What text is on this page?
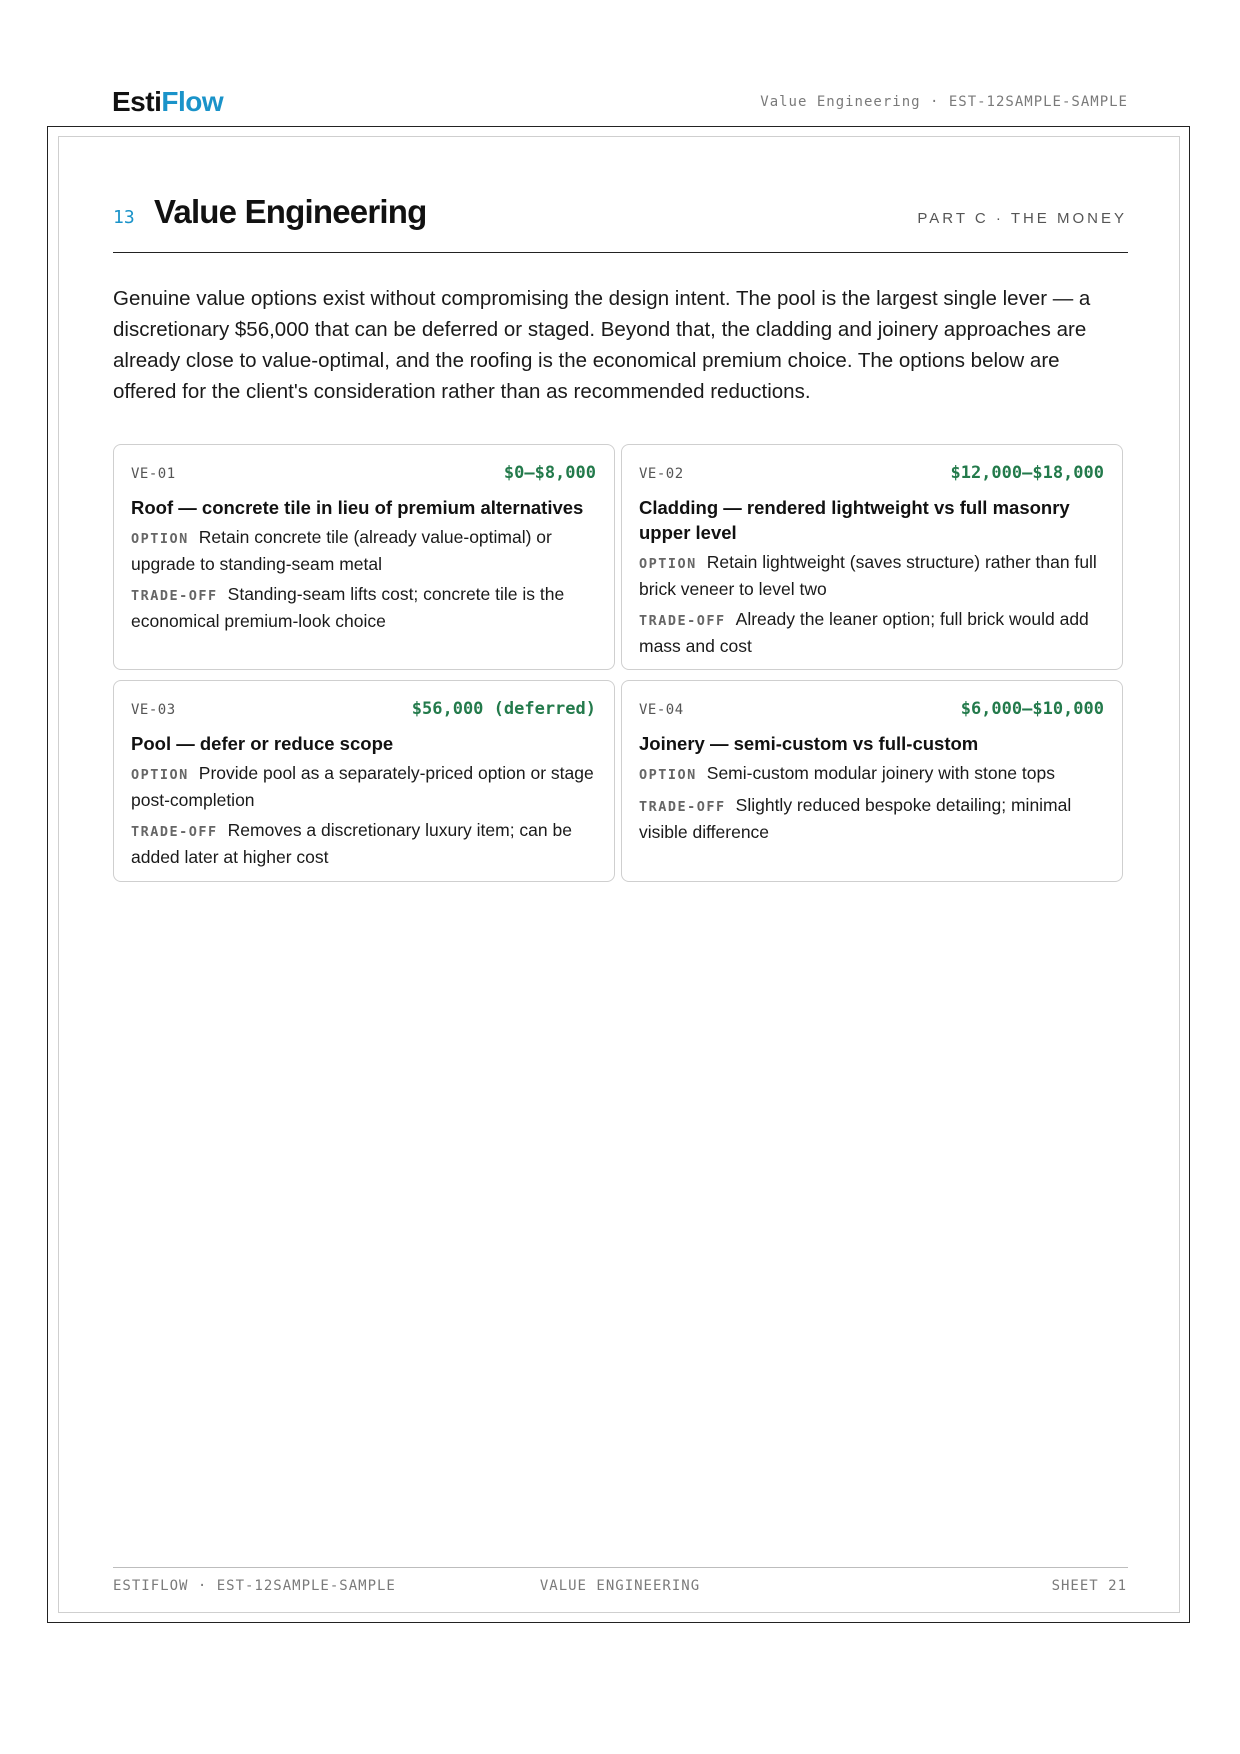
EstiFlow	Value Engineering · EST-12SAMPLE-SAMPLE
13 Value Engineering	PART C · THE MONEY

Genuine value options exist without compromising the design intent. The pool is the largest single lever — a discretionary $56,000 that can be deferred or staged. Beyond that, the cladding and joinery approaches are already close to value-optimal, and the roofing is the economical premium choice. The options below are offered for the client's consideration rather than as recommended reductions.

VE-01	$0–$8,000
Roof — concrete tile in lieu of premium alternatives
OPTION Retain concrete tile (already value-optimal) or upgrade to standing-seam metal
TRADE-OFF Standing-seam lifts cost; concrete tile is the economical premium-look choice
VE-02	$12,000–$18,000
Cladding — rendered lightweight vs full masonry upper level
OPTION Retain lightweight (saves structure) rather than full brick veneer to level two
TRADE-OFF Already the leaner option; full brick would add mass and cost
VE-03	$56,000 (deferred)
Pool — defer or reduce scope
OPTION Provide pool as a separately-priced option or stage post-completion
TRADE-OFF Removes a discretionary luxury item; can be added later at higher cost
VE-04	$6,000–$10,000
Joinery — semi-custom vs full-custom
OPTION Semi-custom modular joinery with stone tops
TRADE-OFF Slightly reduced bespoke detailing; minimal visible difference
ESTIFLOW · EST-12SAMPLE-SAMPLE	VALUE ENGINEERING	SHEET 21
